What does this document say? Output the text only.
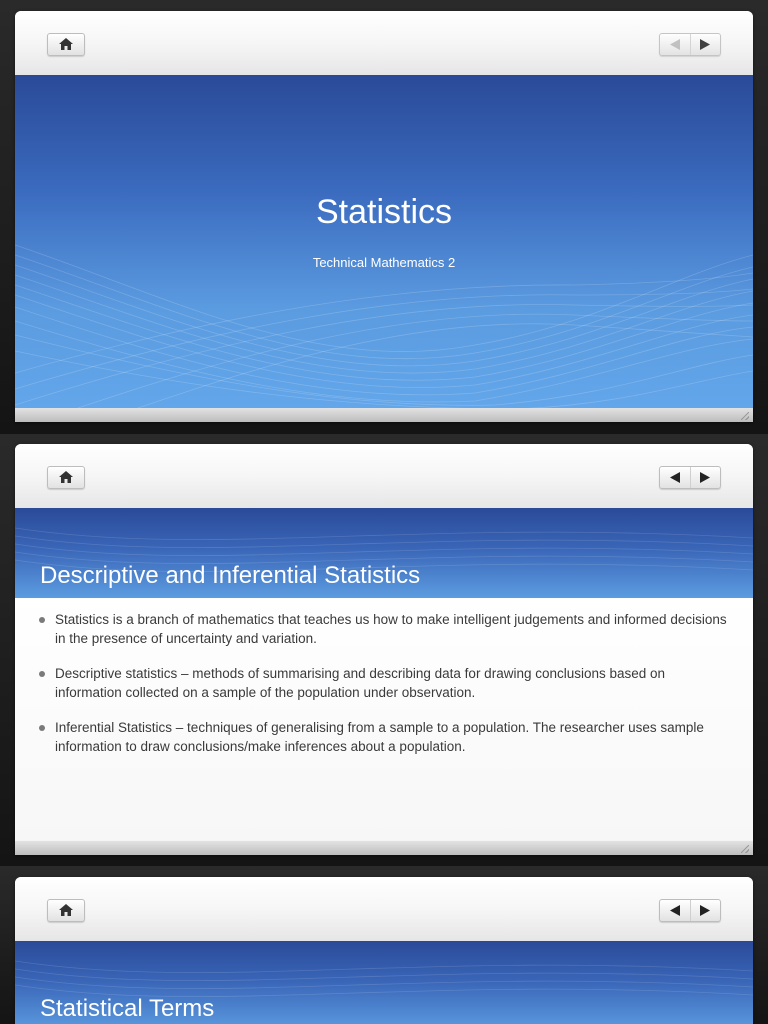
Statistics
Technical Mathematics 2
Descriptive and Inferential Statistics
Statistics is a branch of mathematics that teaches us how to make intelligent judgements and informed decisions in the presence of uncertainty and variation.
Descriptive statistics – methods of summarising and describing data for drawing conclusions based on information collected on a sample of the population under observation.
Inferential Statistics – techniques of generalising from a sample to a population. The researcher uses sample information to draw conclusions/make inferences about a population.
Statistical Terms
